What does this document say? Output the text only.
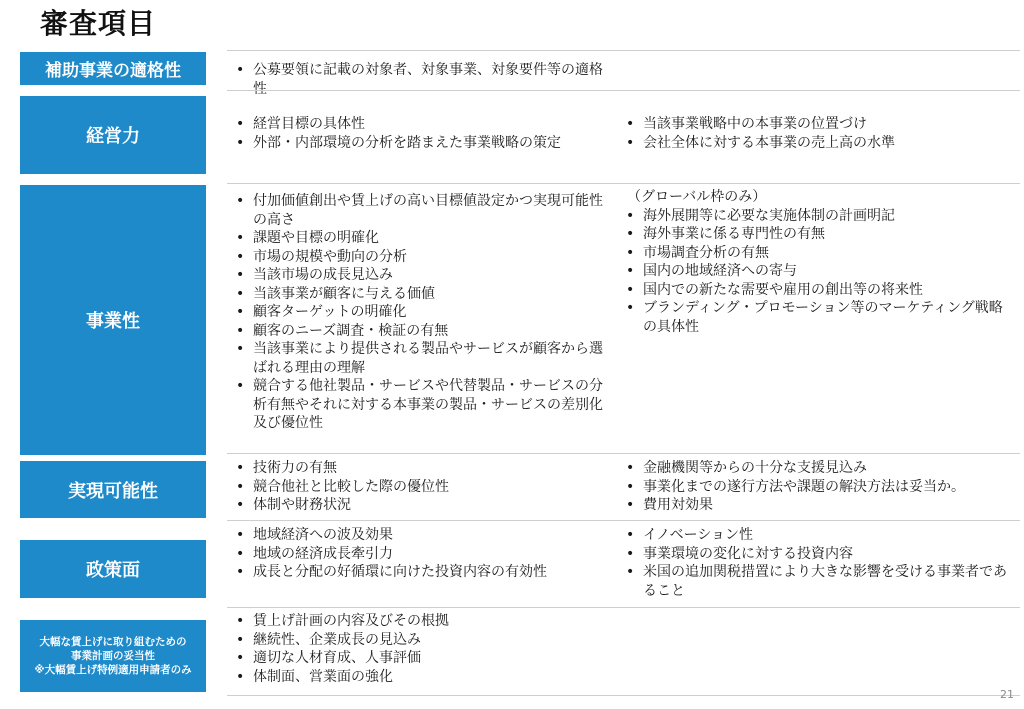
審査項目
補助事業の適格性
•	公募要領に記載の対象者、対象事業、対象要件等の適格性
経営力
• 経営目標の具体性
• 外部・内部環境の分析を踏まえた事業戦略の策定
• 当該事業戦略中の本事業の位置づけ
• 会社全体に対する本事業の売上高の水準
事業性
• 付加価値創出や賃上げの高い目標値設定かつ実現可能性の高さ
• 課題や目標の明確化
• 市場の規模や動向の分析
• 当該市場の成長見込み
• 当該事業が顧客に与える価値
• 顧客ターゲットの明確化
• 顧客のニーズ調査・検証の有無
• 当該事業により提供される製品やサービスが顧客から選ばれる理由の理解
• 競合する他社製品・サービスや代替製品・サービスの分析有無やそれに対する本事業の製品・サービスの差別化及び優位性
（グローバル枠のみ）
• 海外展開等に必要な実施体制の計画明記
• 海外事業に係る専門性の有無
• 市場調査分析の有無
• 国内の地域経済への寄与
• 国内での新たな需要や雇用の創出等の将来性
• ブランディング・プロモーション等のマーケティング戦略の具体性
実現可能性
• 技術力の有無
• 競合他社と比較した際の優位性
• 体制や財務状況
• 金融機関等からの十分な支援見込み
• 事業化までの遂行方法や課題の解決方法は妥当か。
• 費用対効果
政策面
• 地域経済への波及効果
• 地域の経済成長牽引力
• 成長と分配の好循環に向けた投資内容の有効性
• イノベーション性
• 事業環境の変化に対する投資内容
• 米国の追加関税措置により大きな影響を受ける事業者であること
大幅な賃上げに取り組むための
事業計画の妥当性
※大幅賃上げ特例適用申請者のみ
• 賃上げ計画の内容及びその根拠
• 継続性、企業成長の見込み
• 適切な人材育成、人事評価
• 体制面、営業面の強化
21
